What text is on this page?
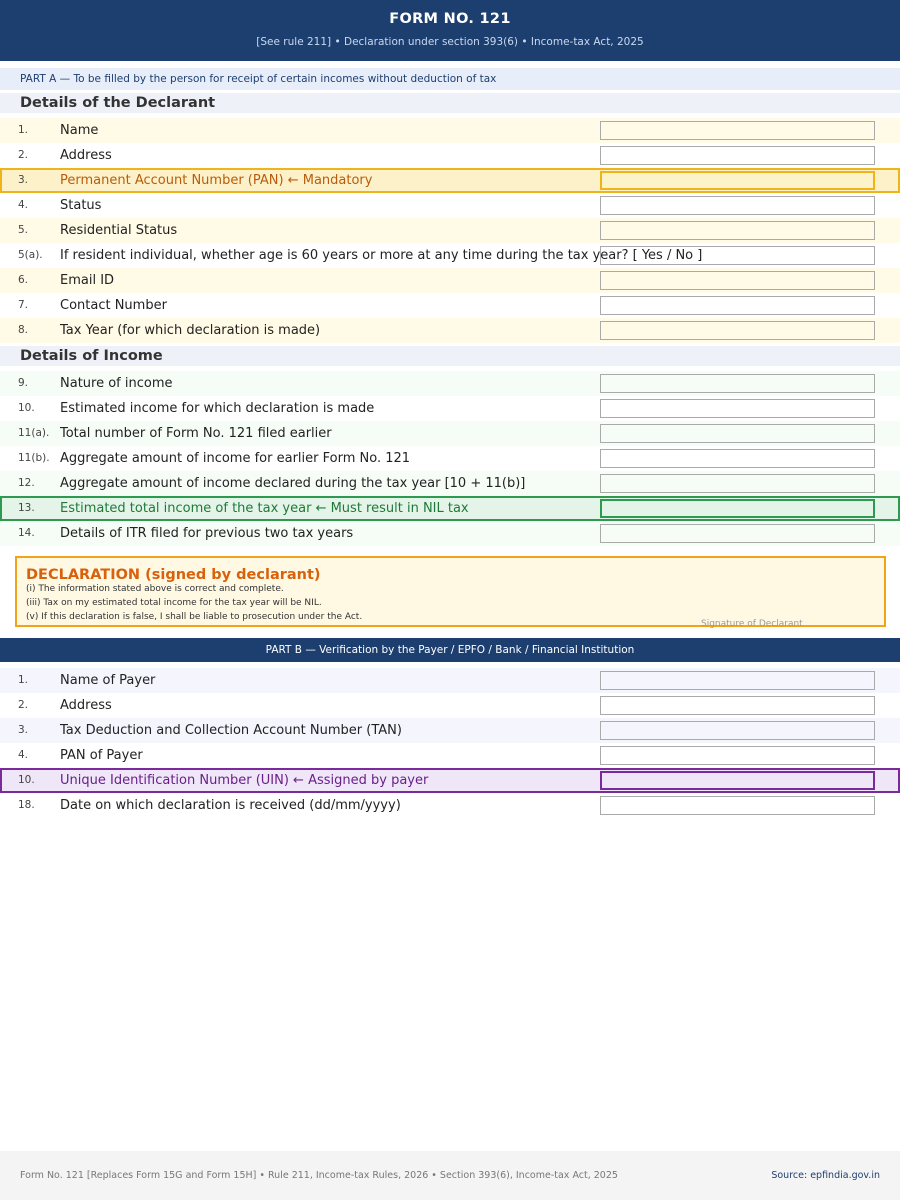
FORM NO. 121
[See rule 211] • Declaration under section 393(6) • Income-tax Act, 2025
PART A — To be filled by the person for receipt of certain incomes without deduction of tax
Details of the Declarant
1. Name
2. Address
3. Permanent Account Number (PAN) ← Mandatory
4. Status
5. Residential Status
5(a). If resident individual, whether age is 60 years or more at any time during the tax year? [ Yes / No ]
6. Email ID
7. Contact Number
8. Tax Year (for which declaration is made)
Details of Income
9. Nature of income
10. Estimated income for which declaration is made
11(a). Total number of Form No. 121 filed earlier
11(b). Aggregate amount of income for earlier Form No. 121
12. Aggregate amount of income declared during the tax year [10 + 11(b)]
13. Estimated total income of the tax year ← Must result in NIL tax
14. Details of ITR filed for previous two tax years
DECLARATION (signed by declarant)
(i) The information stated above is correct and complete.
(iii) Tax on my estimated total income for the tax year will be NIL.
(v) If this declaration is false, I shall be liable to prosecution under the Act.
Signature of Declarant
PART B — Verification by the Payer / EPFO / Bank / Financial Institution
1. Name of Payer
2. Address
3. Tax Deduction and Collection Account Number (TAN)
4. PAN of Payer
10. Unique Identification Number (UIN) ← Assigned by payer
18. Date on which declaration is received (dd/mm/yyyy)
Form No. 121 [Replaces Form 15G and Form 15H] • Rule 211, Income-tax Rules, 2026 • Section 393(6), Income-tax Act, 2025	Source: epfindia.gov.in
